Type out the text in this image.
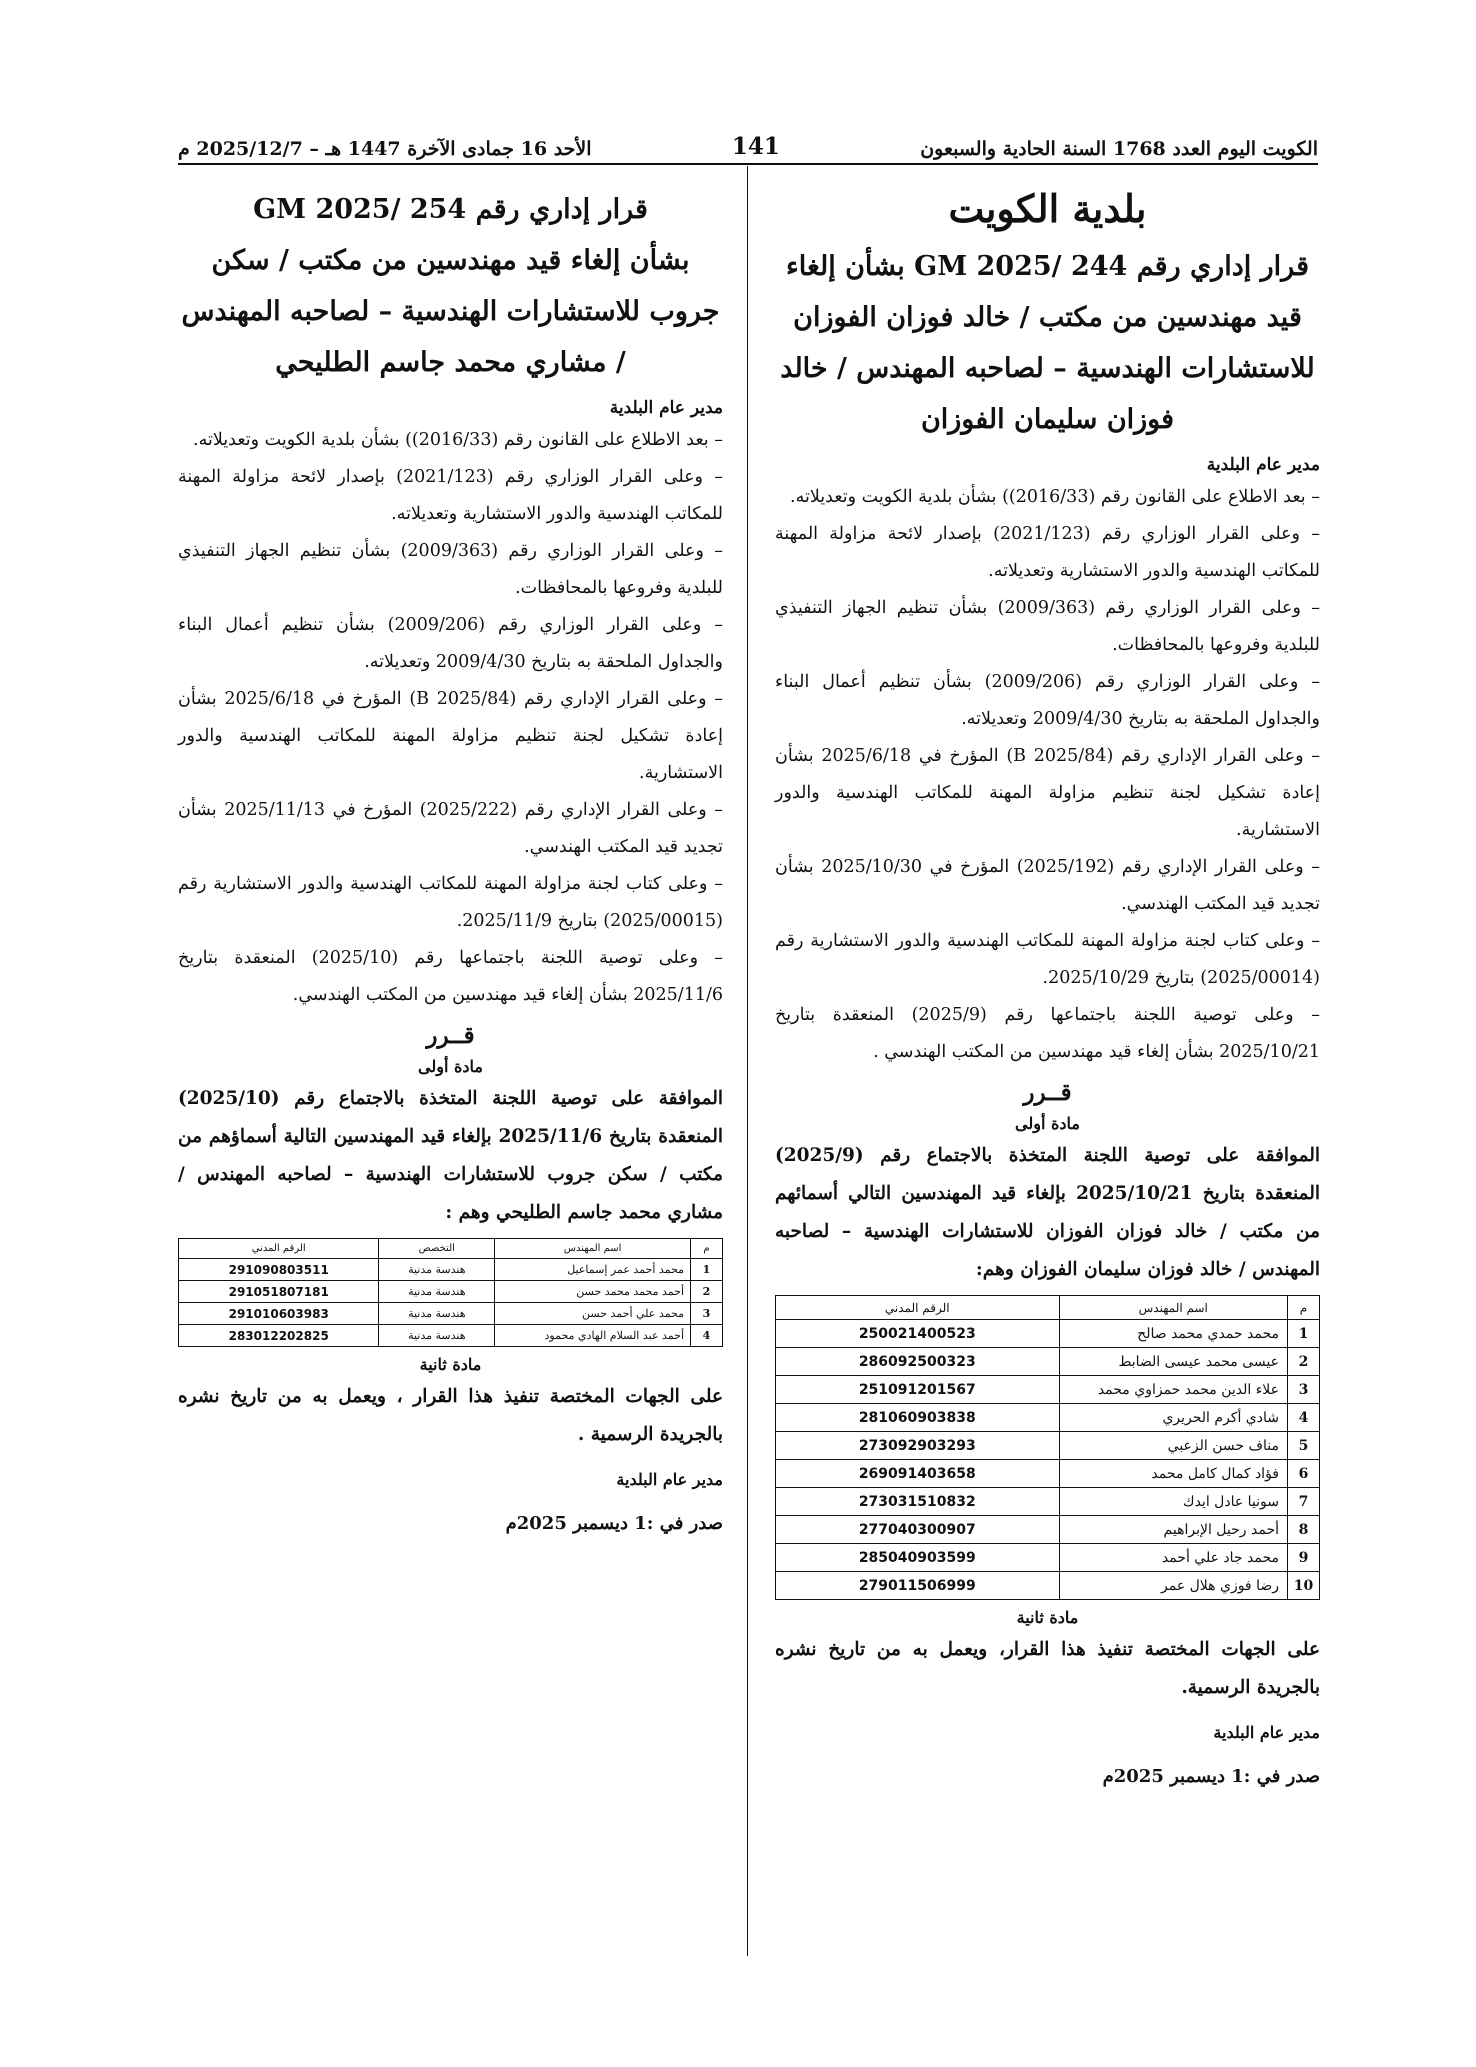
الكويت اليوم العدد 1768 السنة الحادية والسبعون
141
الأحد 16 جمادى الآخرة 1447 هـ – 2025/12/7 م
بلدية الكويت
قرار إداري رقم 244 /2025 GM بشأن إلغاء قيد مهندسين من مكتب / خالد فوزان الفوزان للاستشارات الهندسية – لصاحبه المهندس / خالد فوزان سليمان الفوزان
مدير عام البلدية

– بعد الاطلاع على القانون رقم (2016/33)) بشأن بلدية الكويت وتعديلاته.

– وعلى القرار الوزاري رقم (2021/123) بإصدار لائحة مزاولة المهنة للمكاتب الهندسية والدور الاستشارية وتعديلاته.

– وعلى القرار الوزاري رقم (2009/363) بشأن تنظيم الجهاز التنفيذي للبلدية وفروعها بالمحافظات.

– وعلى القرار الوزاري رقم (2009/206) بشأن تنظيم أعمال البناء والجداول الملحقة به بتاريخ 2009/4/30 وتعديلاته.

– وعلى القرار الإداري رقم (2025/84 B) المؤرخ في 2025/6/18 بشأن إعادة تشكيل لجنة تنظيم مزاولة المهنة للمكاتب الهندسية والدور الاستشارية.

– وعلى القرار الإداري رقم (2025/192) المؤرخ في 2025/10/30 بشأن تجديد قيد المكتب الهندسي.

– وعلى كتاب لجنة مزاولة المهنة للمكاتب الهندسية والدور الاستشارية رقم (2025/00014) بتاريخ 2025/10/29.

– وعلى توصية اللجنة باجتماعها رقم (2025/9) المنعقدة بتاريخ 2025/10/21 بشأن إلغاء قيد مهندسين من المكتب الهندسي .

قــرر
مادة أولى

الموافقة على توصية اللجنة المتخذة بالاجتماع رقم (2025/9) المنعقدة بتاريخ 2025/10/21 بإلغاء قيد المهندسين التالي أسمائهم من مكتب / خالد فوزان الفوزان للاستشارات الهندسية – لصاحبه المهندس / خالد فوزان سليمان الفوزان وهم:

م	اسم المهندس	الرقم المدني
1	محمد حمدي محمد صالح	250021400523
2	عيسى محمد عيسى الضابط	286092500323
3	علاء الدين محمد حمزاوي محمد	251091201567
4	شادي أكرم الحريري	281060903838
5	مناف حسن الزعبي	273092903293
6	فؤاد كمال كامل محمد	269091403658
7	سونيا عادل ايدك	273031510832
8	أحمد رحيل الإبراهيم	277040300907
9	محمد جاد علي أحمد	285040903599
10	رضا فوزي هلال عمر	279011506999
مادة ثانية

على الجهات المختصة تنفيذ هذا القرار، ويعمل به من تاريخ نشره بالجريدة الرسمية.

مدير عام البلدية
صدر في :1 ديسمبر 2025م
قرار إداري رقم 254 /2025 GM
بشأن إلغاء قيد مهندسين من مكتب / سكن جروب للاستشارات الهندسية – لصاحبه المهندس / مشاري محمد جاسم الطليحي
مدير عام البلدية

– بعد الاطلاع على القانون رقم (2016/33)) بشأن بلدية الكويت وتعديلاته.

– وعلى القرار الوزاري رقم (2021/123) بإصدار لائحة مزاولة المهنة للمكاتب الهندسية والدور الاستشارية وتعديلاته.

– وعلى القرار الوزاري رقم (2009/363) بشأن تنظيم الجهاز التنفيذي للبلدية وفروعها بالمحافظات.

– وعلى القرار الوزاري رقم (2009/206) بشأن تنظيم أعمال البناء والجداول الملحقة به بتاريخ 2009/4/30 وتعديلاته.

– وعلى القرار الإداري رقم (2025/84 B) المؤرخ في 2025/6/18 بشأن إعادة تشكيل لجنة تنظيم مزاولة المهنة للمكاتب الهندسية والدور الاستشارية.

– وعلى القرار الإداري رقم (2025/222) المؤرخ في 2025/11/13 بشأن تجديد قيد المكتب الهندسي.

– وعلى كتاب لجنة مزاولة المهنة للمكاتب الهندسية والدور الاستشارية رقم (2025/00015) بتاريخ 2025/11/9.

– وعلى توصية اللجنة باجتماعها رقم (2025/10) المنعقدة بتاريخ 2025/11/6 بشأن إلغاء قيد مهندسين من المكتب الهندسي.

قــرر
مادة أولى

الموافقة على توصية اللجنة المتخذة بالاجتماع رقم (2025/10) المنعقدة بتاريخ 2025/11/6 بإلغاء قيد المهندسين التالية أسماؤهم من مكتب / سكن جروب للاستشارات الهندسية – لصاحبه المهندس / مشاري محمد جاسم الطليحي وهم :

م	اسم المهندس	التخصص	الرقم المدني
1	محمد أحمد عمر إسماعيل	هندسة مدنية	291090803511
2	أحمد محمد محمد حسن	هندسة مدنية	291051807181
3	محمد علي أحمد حسن	هندسة مدنية	291010603983
4	أحمد عبد السلام الهادي محمود	هندسة مدنية	283012202825
مادة ثانية

على الجهات المختصة تنفيذ هذا القرار ، ويعمل به من تاريخ نشره بالجريدة الرسمية .

مدير عام البلدية
صدر في :1 ديسمبر 2025م
